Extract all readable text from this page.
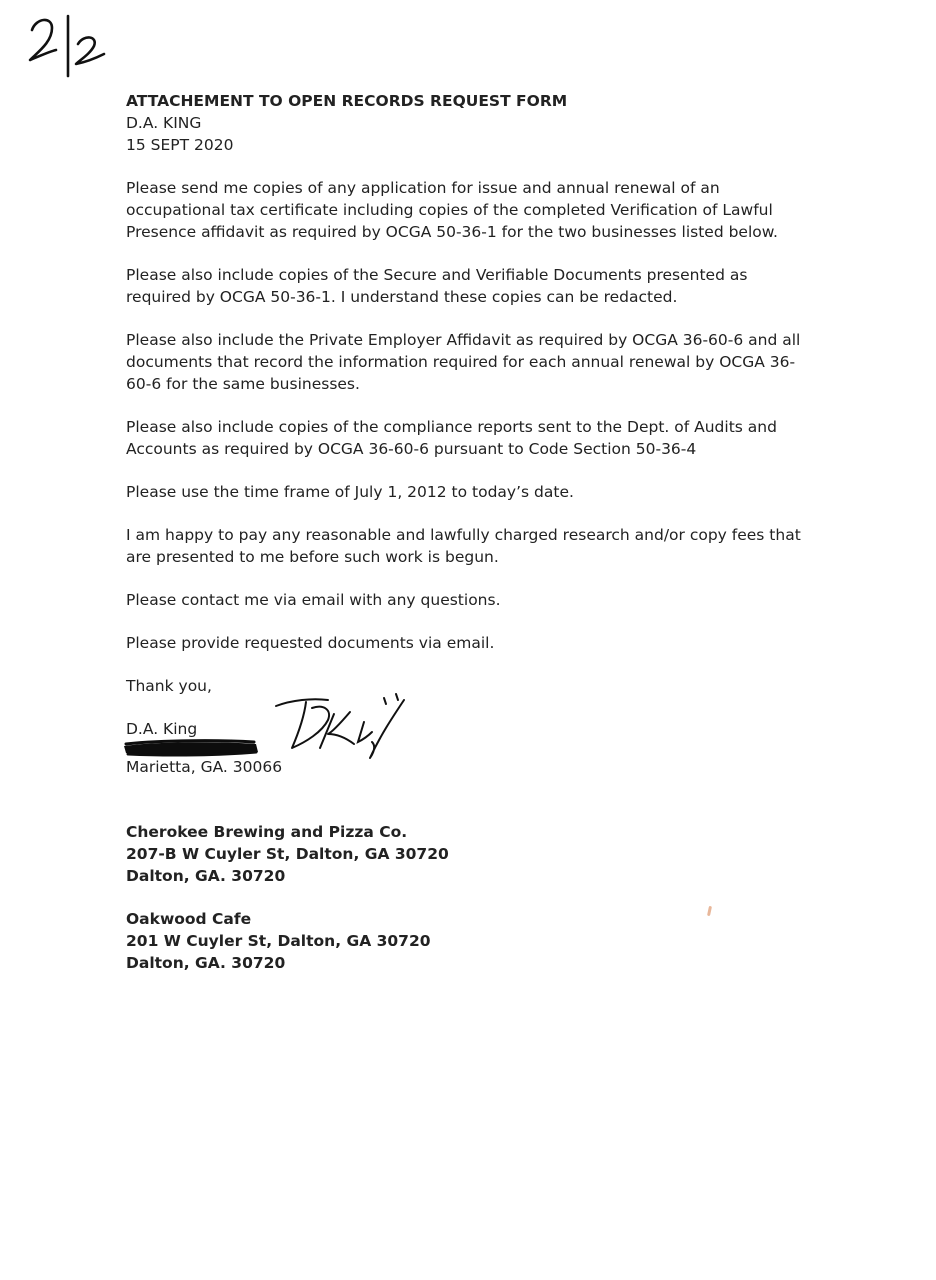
ATTACHEMENT TO OPEN RECORDS REQUEST FORM

D.A. KING

15 SEPT 2020

Please send me copies of any application for issue and annual renewal of an occupational tax certificate including copies of the completed Verification of Lawful Presence affidavit as required by OCGA 50-36-1 for the two businesses listed below.

Please also include copies of the Secure and Verifiable Documents presented as required by OCGA 50-36-1. I understand these copies can be redacted.

Please also include the Private Employer Affidavit as required by OCGA 36-60-6 and all documents that record the information required for each annual renewal by OCGA 36-60-6 for the same businesses.

Please also include copies of the compliance reports sent to the Dept. of Audits and Accounts as required by OCGA 36-60-6 pursuant to Code Section 50-36-4

Please use the time frame of July 1, 2012 to today’s date.

I am happy to pay any reasonable and lawfully charged research and/or copy fees that are presented to me before such work is begun.

Please contact me via email with any questions.

Please provide requested documents via email.

Thank you,

D.A. King

Marietta, GA. 30066

Cherokee Brewing and Pizza Co.

207-B W Cuyler St, Dalton, GA 30720

Dalton, GA. 30720

Oakwood Cafe

201 W Cuyler St, Dalton, GA 30720

Dalton, GA. 30720
